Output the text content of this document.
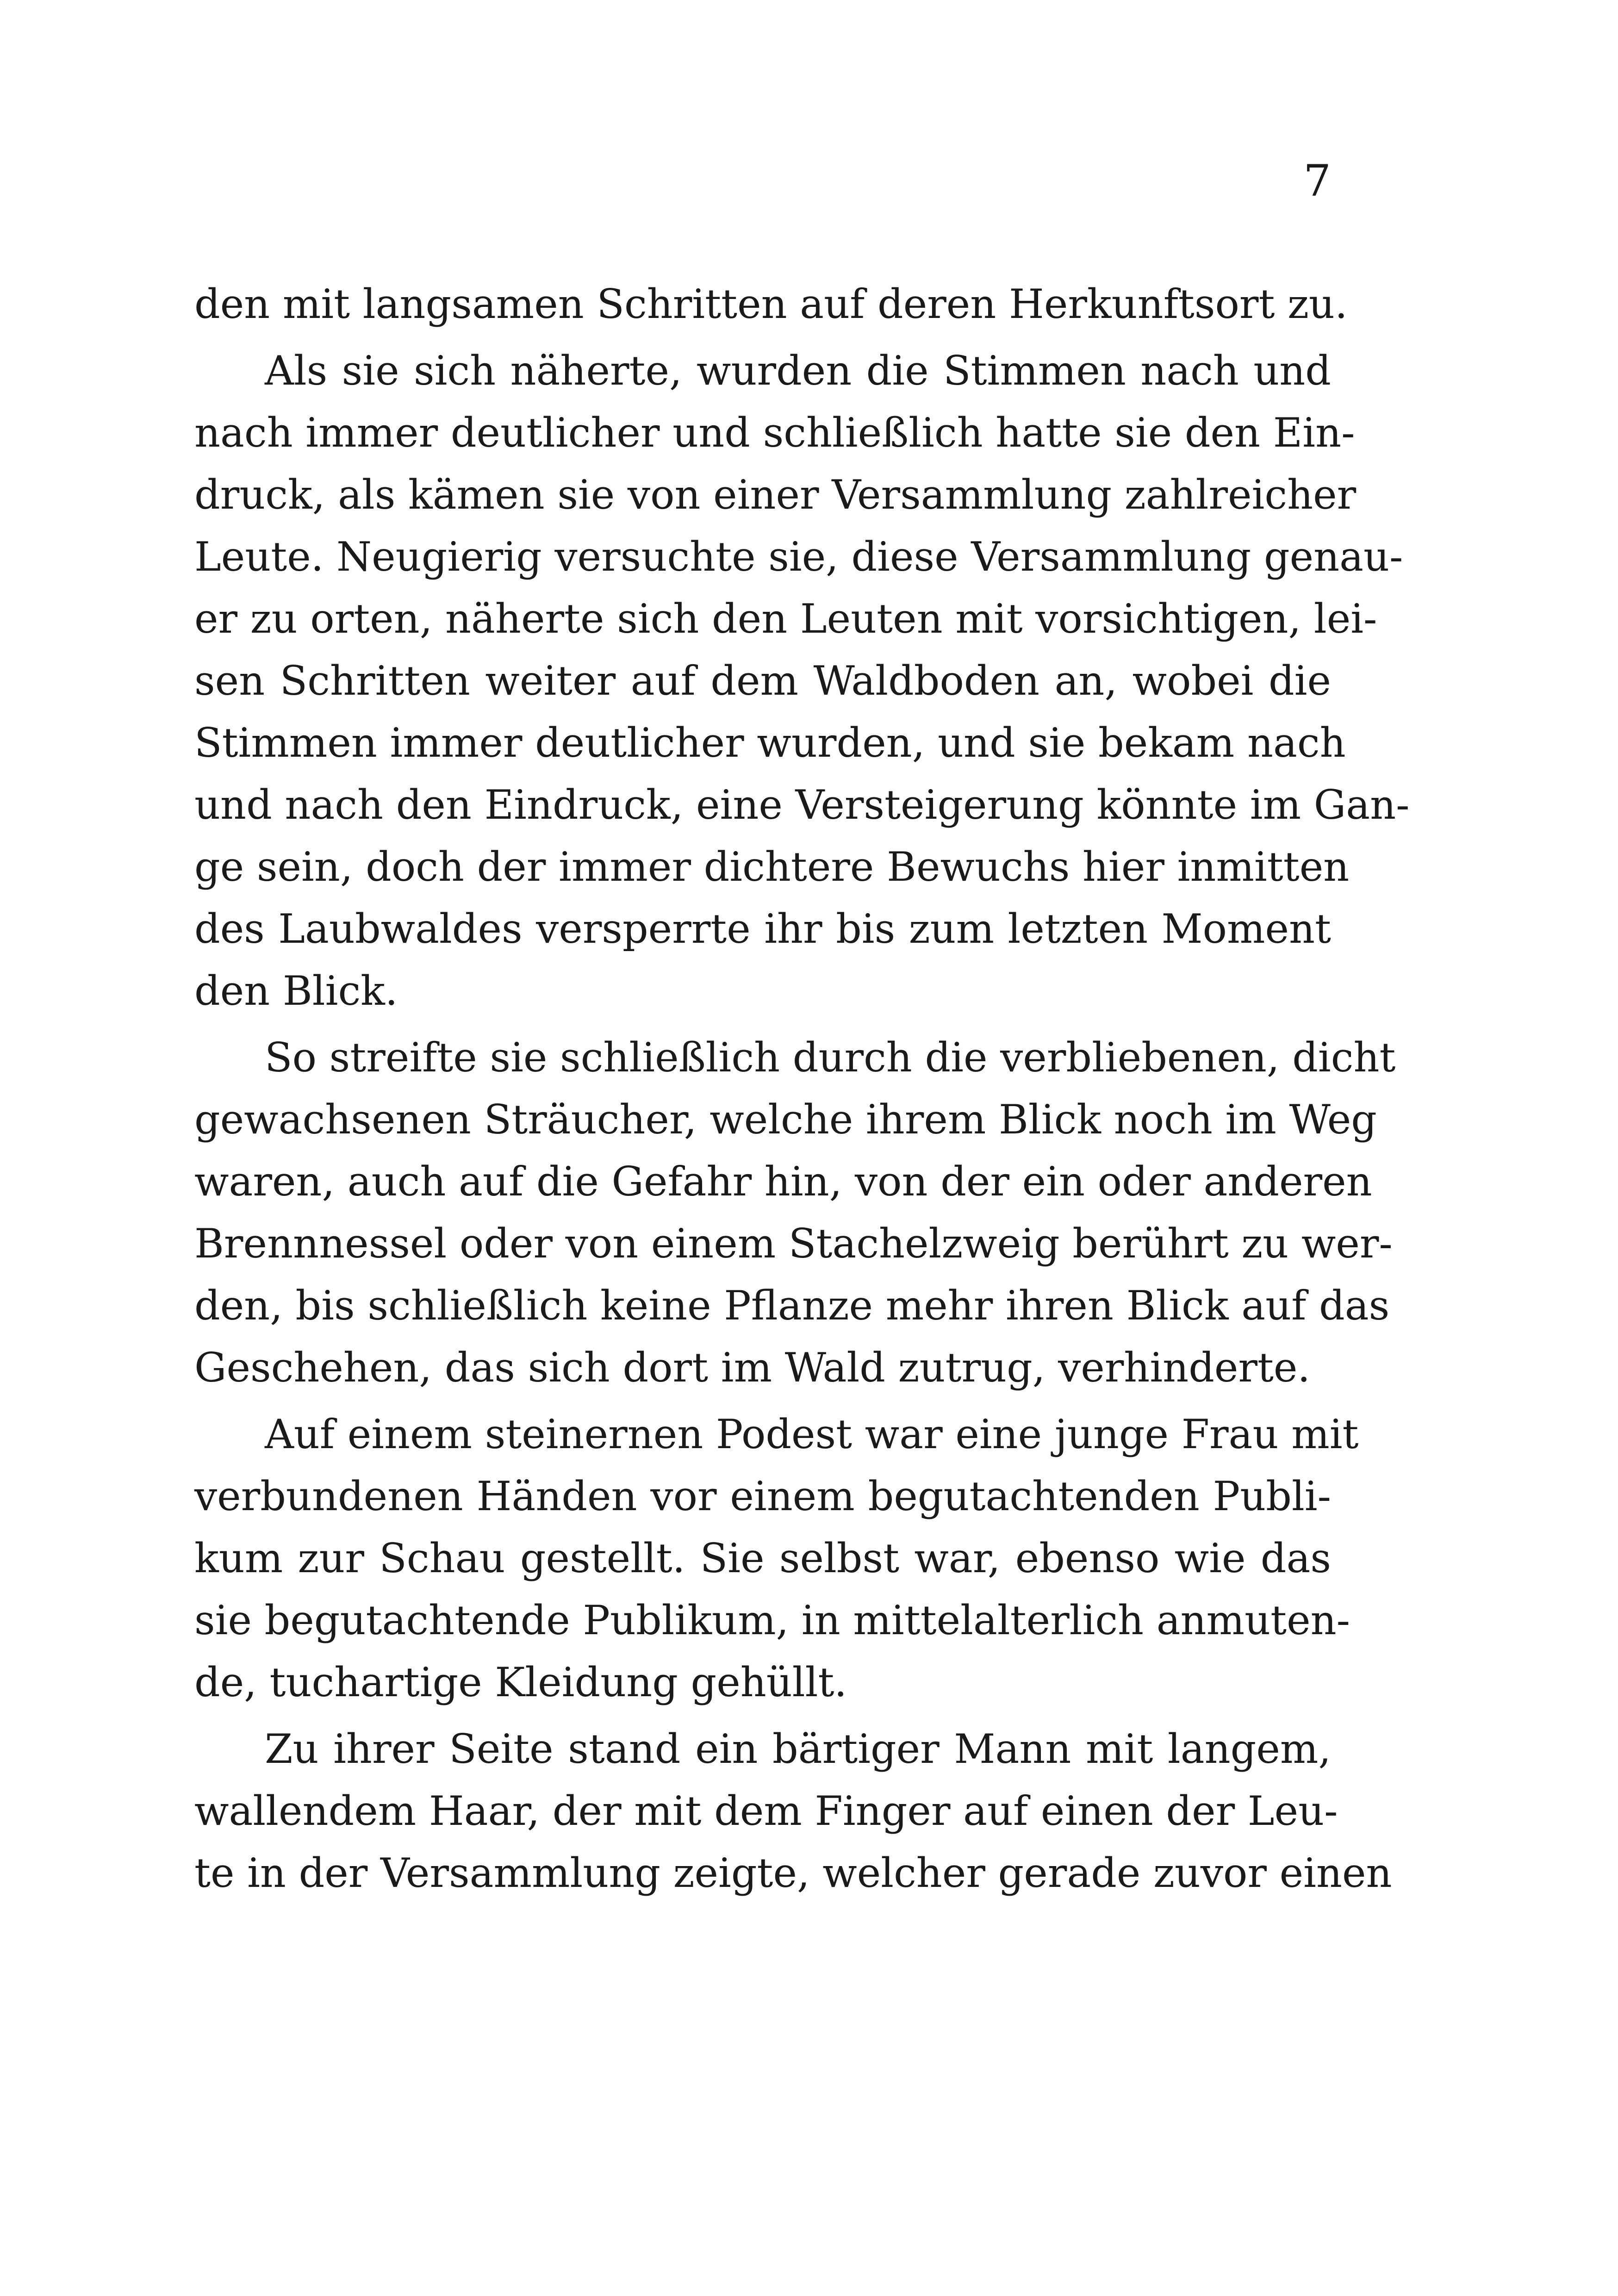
7
den mit langsamen Schritten auf deren Herkunftsort zu.
Als sie sich näherte, wurden die Stimmen nach und
nach immer deutlicher und schließlich hatte sie den Ein-
druck, als kämen sie von einer Versammlung zahlreicher
Leute. Neugierig versuchte sie, diese Versammlung genau-
er zu orten, näherte sich den Leuten mit vorsichtigen, lei-
sen Schritten weiter auf dem Waldboden an, wobei die
Stimmen immer deutlicher wurden, und sie bekam nach
und nach den Eindruck, eine Versteigerung könnte im Gan-
ge sein, doch der immer dichtere Bewuchs hier inmitten
des Laubwaldes versperrte ihr bis zum letzten Moment
den Blick.
So streifte sie schließlich durch die verbliebenen, dicht
gewachsenen Sträucher, welche ihrem Blick noch im Weg
waren, auch auf die Gefahr hin, von der ein oder anderen
Brennnessel oder von einem Stachelzweig berührt zu wer-
den, bis schließlich keine Pflanze mehr ihren Blick auf das
Geschehen, das sich dort im Wald zutrug, verhinderte.
Auf einem steinernen Podest war eine junge Frau mit
verbundenen Händen vor einem begutachtenden Publi-
kum zur Schau gestellt. Sie selbst war, ebenso wie das
sie begutachtende Publikum, in mittelalterlich anmuten-
de, tuchartige Kleidung gehüllt.
Zu ihrer Seite stand ein bärtiger Mann mit langem,
wallendem Haar, der mit dem Finger auf einen der Leu-
te in der Versammlung zeigte, welcher gerade zuvor einen
